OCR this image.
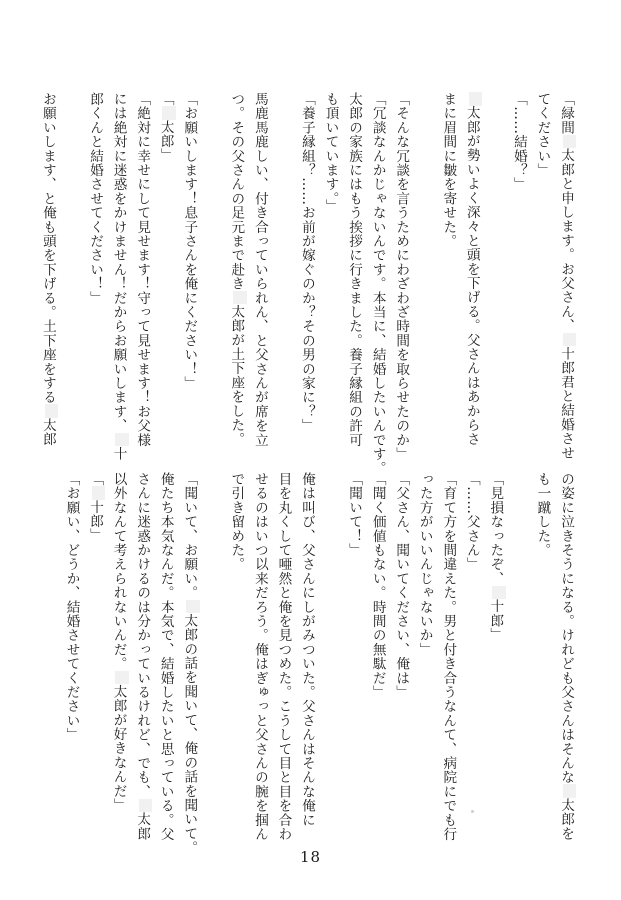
「緑間太郎と申します。お父さん、十郎君と結婚させ
てください」
「……結婚？」
太郎が勢いよく深々と頭を下げる。父さんはあからさ
まに眉間に皺を寄せた。
「そんな冗談を言うためにわざわざ時間を取らせたのか」
「冗談なんかじゃないんです。本当に、結婚したいんです。
太郎の家族にはもう挨拶に行きました。養子縁組の許可
も頂いています。」
「養子縁組？……お前が嫁ぐのか？その男の家に？」
馬鹿馬鹿しい、付き合っていられん、と父さんが席を立
つ。その父さんの足元まで赴き太郎が土下座をした。
「お願いします！息子さんを俺にください！」
「太郎」
「絶対に幸せにして見せます！守って見せます！お父様
には絶対に迷惑をかけません！だからお願いします、十
郎くんと結婚させてください！」
お願いします、と俺も頭を下げる。土下座をする太郎
の姿に泣きそうになる。けれども父さんはそんな太郎を
も一蹴した。
「見損なったぞ、十郎」
「……父さん」
「育て方を間違えた。男と付き合うなんて、病院にでも行
った方がいいんじゃないか」
「父さん、聞いてください、俺は」
「聞く価値もない。時間の無駄だ」
「聞いて！」
俺は叫び、父さんにしがみついた。父さんはそんな俺に
目を丸くして唖然と俺を見つめた。こうして目と目を合わ
せるのはいつ以来だろう。俺はぎゅっと父さんの腕を掴ん
で引き留めた。
「聞いて、お願い。太郎の話を聞いて、俺の話を聞いて。
俺たち本気なんだ。本気で、結婚したいと思っている。父
さんに迷惑かけるのは分かっているけれど、でも、太郎
以外なんて考えられないんだ。太郎が好きなんだ」
「十郎」
「お願い、どうか、結婚させてください」
18
